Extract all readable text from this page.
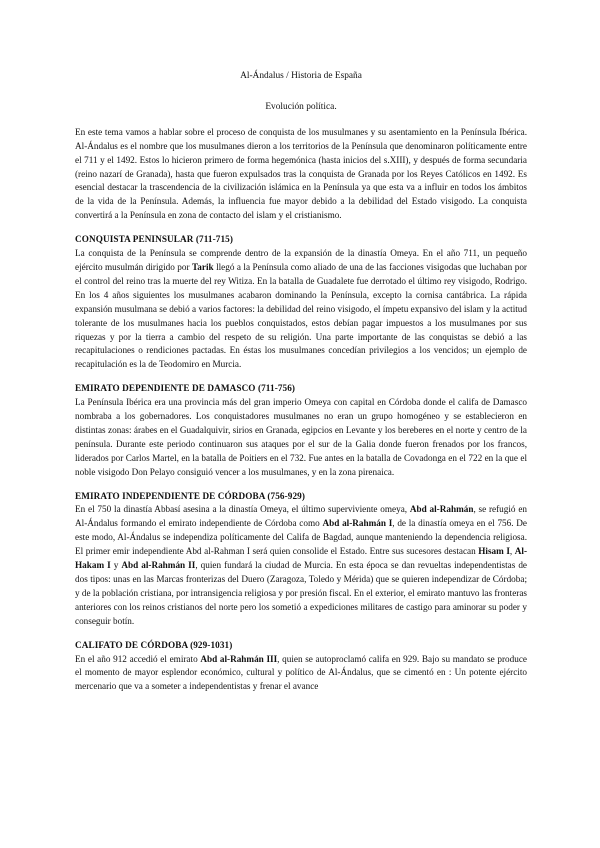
Al-Ándalus / Historia de España
Evolución política.

En este tema vamos a hablar sobre el proceso de conquista de los musulmanes y su asentamiento en la Península Ibérica. Al-Ándalus es el nombre que los musulmanes dieron a los territorios de la Península que denominaron políticamente entre el 711 y el 1492. Estos lo hicieron primero de forma hegemónica (hasta inicios del s.XIII), y después de forma secundaria (reino nazarí de Granada), hasta que fueron expulsados tras la conquista de Granada por los Reyes Católicos en 1492. Es esencial destacar la trascendencia de la civilización islámica en la Península ya que esta va a influir en todos los ámbitos de la vida de la Península. Además, la influencia fue mayor debido a la debilidad del Estado visigodo. La conquista convertirá a la Península en zona de contacto del islam y el cristianismo.

CONQUISTA PENINSULAR (711-715)

La conquista de la Península se comprende dentro de la expansión de la dinastía Omeya. En el año 711, un pequeño ejército musulmán dirigido por Tarik llegó a la Península como aliado de una de las facciones visigodas que luchaban por el control del reino tras la muerte del rey Witiza. En la batalla de Guadalete fue derrotado el último rey visigodo, Rodrigo. En los 4 años siguientes los musulmanes acabaron dominando la Península, excepto la cornisa cantábrica. La rápida expansión musulmana se debió a varios factores: la debilidad del reino visigodo, el ímpetu expansivo del islam y la actitud tolerante de los musulmanes hacia los pueblos conquistados, estos debían pagar impuestos a los musulmanes por sus riquezas y por la tierra a cambio del respeto de su religión. Una parte importante de las conquistas se debió a las recapitulaciones o rendiciones pactadas. En éstas los musulmanes concedían privilegios a los vencidos; un ejemplo de recapitulación es la de Teodomiro en Murcia.

EMIRATO DEPENDIENTE DE DAMASCO (711-756)

La Península Ibérica era una provincia más del gran imperio Omeya con capital en Córdoba donde el califa de Damasco nombraba a los gobernadores. Los conquistadores musulmanes no eran un grupo homogéneo y se establecieron en distintas zonas: árabes en el Guadalquivir, sirios en Granada, egipcios en Levante y los bereberes en el norte y centro de la península. Durante este periodo continuaron sus ataques por el sur de la Galia donde fueron frenados por los francos, liderados por Carlos Martel, en la batalla de Poitiers en el 732. Fue antes en la batalla de Covadonga en el 722 en la que el noble visigodo Don Pelayo consiguió vencer a los musulmanes, y en la zona pirenaica.

EMIRATO INDEPENDIENTE DE CÓRDOBA (756-929)

En el 750 la dinastía Abbasí asesina a la dinastía Omeya, el último superviviente omeya, Abd al-Rahmán, se refugió en Al-Ándalus formando el emirato independiente de Córdoba como Abd al-Rahmán I, de la dinastía omeya en el 756. De este modo, Al-Ándalus se independiza políticamente del Califa de Bagdad, aunque manteniendo la dependencia religiosa. El primer emir independiente Abd al-Rahman I será quien consolide el Estado. Entre sus sucesores destacan Hisam I, Al-Hakam I y Abd al-Rahmán II, quien fundará la ciudad de Murcia. En esta época se dan revueltas independentistas de dos tipos: unas en las Marcas fronterizas del Duero (Zaragoza, Toledo y Mérida) que se quieren independizar de Córdoba; y de la población cristiana, por intransigencia religiosa y por presión fiscal. En el exterior, el emirato mantuvo las fronteras anteriores con los reinos cristianos del norte pero los sometió a expediciones militares de castigo para aminorar su poder y conseguir botín.

CALIFATO DE CÓRDOBA (929-1031)

En el año 912 accedió el emirato Abd al-Rahmán III, quien se autoproclamó califa en 929. Bajo su mandato se produce el momento de mayor esplendor económico, cultural y político de Al-Ándalus, que se cimentó en : Un potente ejército mercenario que va a someter a independentistas y frenar el avance
